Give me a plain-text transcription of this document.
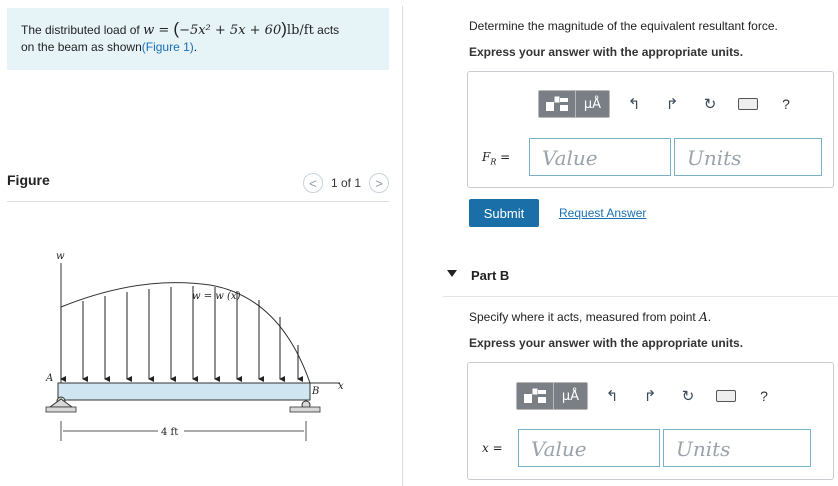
The distributed load of w = (−5x² + 5x + 60)lb/ft acts
on the beam as shown(Figure 1).
Figure	< 1 of 1 >
w
w = w (x)
A
B x
4 ft
Determine the magnitude of the equivalent resultant force.
Express your answer with the appropriate units.
μÅ	↰	↱	↻	?
$F_R$ =	Value	Units
Submit	Request Answer
Part B
Specify where it acts, measured from point A.
Express your answer with the appropriate units.
μÅ	↰	↱	↻	?
x =	Value	Units
